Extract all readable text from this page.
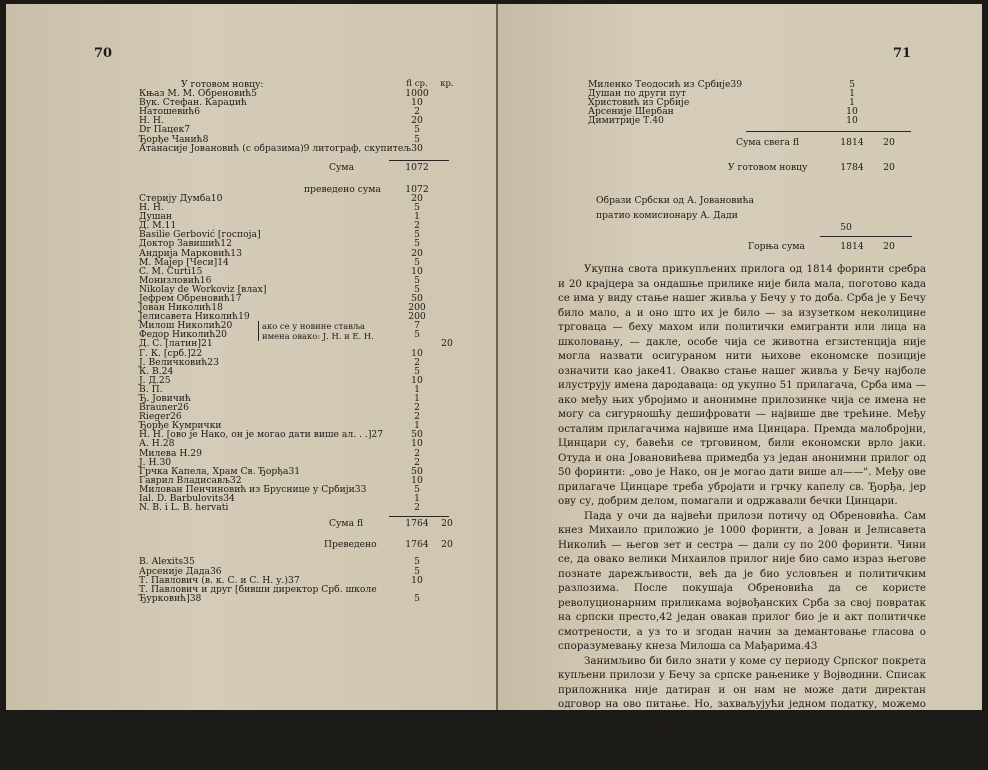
70
У готовом новцу:	fl ср.	кр.
Књаз М. М. Обреновић5	1000
Вук. Стефан. Караџић	10
Натошевић6	2
Н. Н.	20
Dr Пацек7	5
Ђорђе Чанић8	5
Атанасије Јовановић (с образима)9 литограф, скупитељ 30
Сума	1072
преведено сума	1072
Стерију Думба10	20
Н. Н.	5
Душан	1
Д. М.11	2
Basilie Gerbović [госпоја]	5
Доктор Завишић12	5
Андрија Марковић13	20
М. Мајер [Чеси]14	5
C. M. Curti15	10
Монизловић16	5
Nikolay de Workoviz [влах]	5
Јефрем Обреновић17	50
Јован Николић18	200
Јелисавета Николић19	200
Милош Николић20	7
Федор Николић20	5
Д. С. [латин]21	20
Г. К. [срб.]22	10
Ј. Величковић23	2
К. В.24	5
Ј. Д.25	10
В. П.	1
Ђ. Јовичић	1
Brauner26	2
Rieger26	2
Ђорђе Кумрички	1
Н. Н. [ово је Нако, он је могао дати више ал. . .]27	50
А. Н.28	10
Милева Н.29	2
Ј. Н.30	2
Грчка Капела, Храм Св. Ђорђа31	50
Гаврил Владисављ32	10
Милован Пенчиновић из Бруснице у Србији33	5
Ial. D. Barbulovits34	1
N. B. i L. B. hervati	2
Сума fl	1764	20
Преведено	1764	20
В. Alexits35	5
Арсеније Дада36	5
Т. Павлович (в. к. С. и С. Н. у.)37	10
Т. Павлович и друг [бивши директор Срб. школе
Ђурковић]38	5
ако се у новине ставља имена овако: Ј. Н. и Е. Н.
71
Миленко Теодосић из Србије39	5
Душан по други пут	1
Христовић из Србије	1
Арсеније Шербан	10
Димитрије Т.40	10
Сума свега fl	1814	20
У готовом новцу	1784	20
Образи Србски од А. Јовановића
пратио комисионару А. Дади
50
Горња сума	1814	20

Укупна свота прикупљених прилога од 1814 форинти сребра и 20 крајцера за ондашње прилике није била мала, поготово када се има у виду стање нашег живља у Бечу у то доба. Срба је у Бечу било мало, а и оно што их је било — за изузетком неколицине трговаца — беху махом или политички емигранти или лица на школовању, — дакле, особе чија се животна егзистенција није могла назвати осигураном нити њихове економске позиције означити као јаке41. Овакво стање нашег живља у Бечу најболе илуструју имена дародаваца: од укупно 51 прилагача, Срба има — ако међу њих убројимо и анонимне прилозинке чија се имена не могу са сигурношћу дешифровати — највише две трећине. Међу осталим прилагачима највише има Цинцара. Премда малобројни, Цинцари су, бавећи се трговином, били економски врло јаки. Отуда и она Јовановићева примедба уз један анонимни прилог од 50 форинти: „ово је Нако, он је могао дати више ал——". Међу ове прилагаче Цинцаре треба убројати и грчку капелу св. Ђорђа, јер ову су, добрим делом, помагали и одржавали бечки Цинцари.

Пада у очи да највећи прилози потичу од Обреновића. Сам кнез Михаило приложио је 1000 форинти, а Јован и Јелисавета Николић — његов зет и сестра — дали су по 200 форинти. Чини се, да овако велики Михаилов прилог није био само израз његове познате дарежљивости, већ да је био условљен и политичким разлозима. После покушаја Обреновића да се користе револуционарним приликама војвођанских Срба за свој повратак на српски престо,42 један овакав прилог био је и акт политичке смотрености, а уз то и згодан начин за демантовање гласова о споразумевању кнеза Милоша са Мађарима.43

Занимљиво би било знати у коме су периоду Српског покрета купљени прилози у Бечу за српске рањенике у Војводини. Списак приложника није датиран и он нам не може дати директан одговор на ово питање. Но, захваљујући једном податку, можемо ипак са сигурношћу одредити ово време. Тај податак је име Јелисавете Николић, млађе кћери кнеза Милоша, у списку приложника. Када се зна да је она умрла 23 септембра 1848 год.,44 онда је извесно да су прилози купљени пре овога датума.
